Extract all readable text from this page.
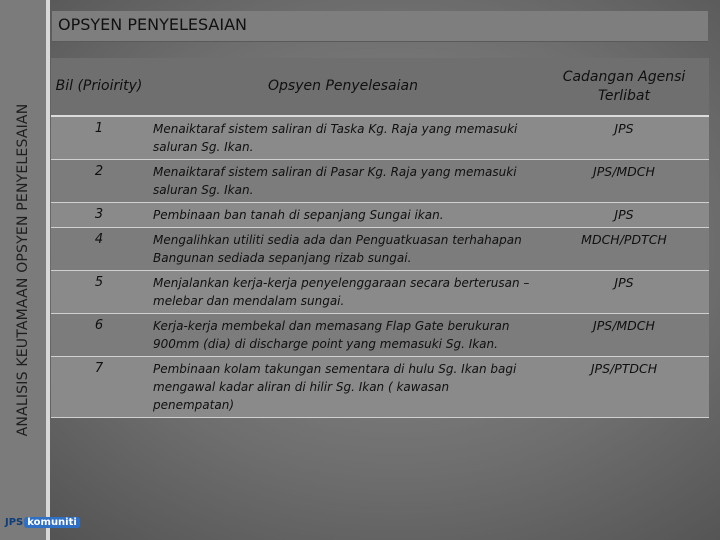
ANALISIS KEUTAMAAN OPSYEN PENYELESAIAN
OPSYEN PENYELESAIAN
Bil (Prioirity)	Opsyen Penyelesaian	Cadangan Agensi Terlibat
1	Menaiktaraf sistem saliran di Taska Kg. Raja yang memasuki saluran Sg. Ikan.	JPS
2	Menaiktaraf sistem saliran di Pasar Kg. Raja yang memasuki saluran Sg. Ikan.	JPS/MDCH
3	Pembinaan ban tanah di sepanjang Sungai ikan.	JPS
4	Mengalihkan utiliti sedia ada dan Penguatkuasan terhahapan Bangunan sediada sepanjang rizab sungai.	MDCH/PDTCH
5	Menjalankan kerja-kerja penyelenggaraan secara berterusan – melebar dan mendalam sungai.	JPS
6	Kerja-kerja membekal dan memasang Flap Gate berukuran 900mm (dia) di discharge point yang memasuki Sg. Ikan.	JPS/MDCH
7	Pembinaan kolam takungan sementara di hulu Sg. Ikan bagi mengawal kadar aliran di hilir Sg. Ikan ( kawasan penempatan)	JPS/PTDCH
JPS komuniti
